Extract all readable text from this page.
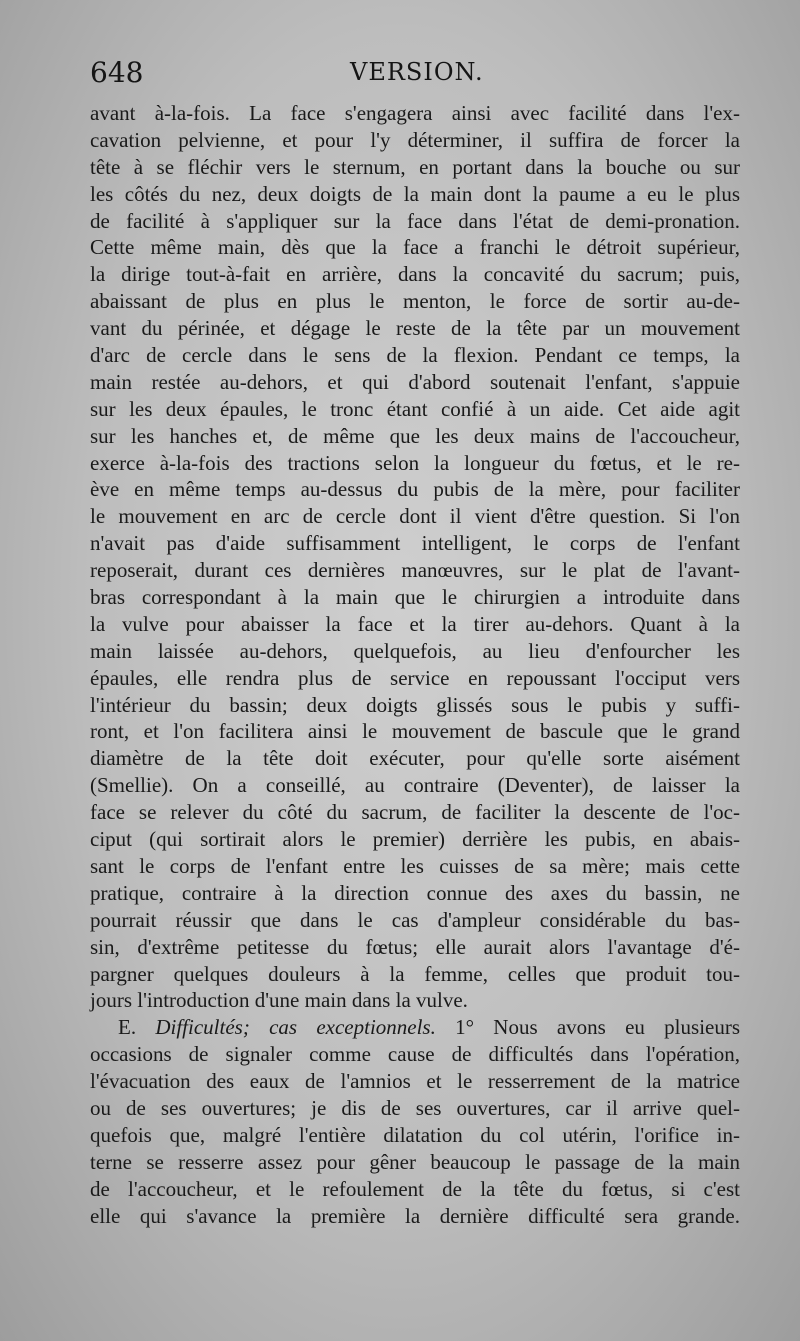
648	VERSION.
avant à-la-fois. La face s'engagera ainsi avec facilité dans l'ex-
cavation pelvienne, et pour l'y déterminer, il suffira de forcer la
tête à se fléchir vers le sternum, en portant dans la bouche ou sur
les côtés du nez, deux doigts de la main dont la paume a eu le plus
de facilité à s'appliquer sur la face dans l'état de demi-pronation.
Cette même main, dès que la face a franchi le détroit supérieur,
la dirige tout-à-fait en arrière, dans la concavité du sacrum; puis,
abaissant de plus en plus le menton, le force de sortir au-de-
vant du périnée, et dégage le reste de la tête par un mouvement
d'arc de cercle dans le sens de la flexion. Pendant ce temps, la
main restée au-dehors, et qui d'abord soutenait l'enfant, s'appuie
sur les deux épaules, le tronc étant confié à un aide. Cet aide agit
sur les hanches et, de même que les deux mains de l'accoucheur,
exerce à-la-fois des tractions selon la longueur du fœtus, et le re-
ève en même temps au-dessus du pubis de la mère, pour faciliter
le mouvement en arc de cercle dont il vient d'être question. Si l'on
n'avait pas d'aide suffisamment intelligent, le corps de l'enfant
reposerait, durant ces dernières manœuvres, sur le plat de l'avant-
bras correspondant à la main que le chirurgien a introduite dans
la vulve pour abaisser la face et la tirer au-dehors. Quant à la
main laissée au-dehors, quelquefois, au lieu d'enfourcher les
épaules, elle rendra plus de service en repoussant l'occiput vers
l'intérieur du bassin; deux doigts glissés sous le pubis y suffi-
ront, et l'on facilitera ainsi le mouvement de bascule que le grand
diamètre de la tête doit exécuter, pour qu'elle sorte aisément
(Smellie). On a conseillé, au contraire (Deventer), de laisser la
face se relever du côté du sacrum, de faciliter la descente de l'oc-
ciput (qui sortirait alors le premier) derrière les pubis, en abais-
sant le corps de l'enfant entre les cuisses de sa mère; mais cette
pratique, contraire à la direction connue des axes du bassin, ne
pourrait réussir que dans le cas d'ampleur considérable du bas-
sin, d'extrême petitesse du fœtus; elle aurait alors l'avantage d'é-
pargner quelques douleurs à la femme, celles que produit tou-
jours l'introduction d'une main dans la vulve.
E. Difficultés; cas exceptionnels. 1° Nous avons eu plusieurs
occasions de signaler comme cause de difficultés dans l'opération,
l'évacuation des eaux de l'amnios et le resserrement de la matrice
ou de ses ouvertures; je dis de ses ouvertures, car il arrive quel-
quefois que, malgré l'entière dilatation du col utérin, l'orifice in-
terne se resserre assez pour gêner beaucoup le passage de la main
de l'accoucheur, et le refoulement de la tête du fœtus, si c'est
elle qui s'avance la première la dernière difficulté sera grande.
